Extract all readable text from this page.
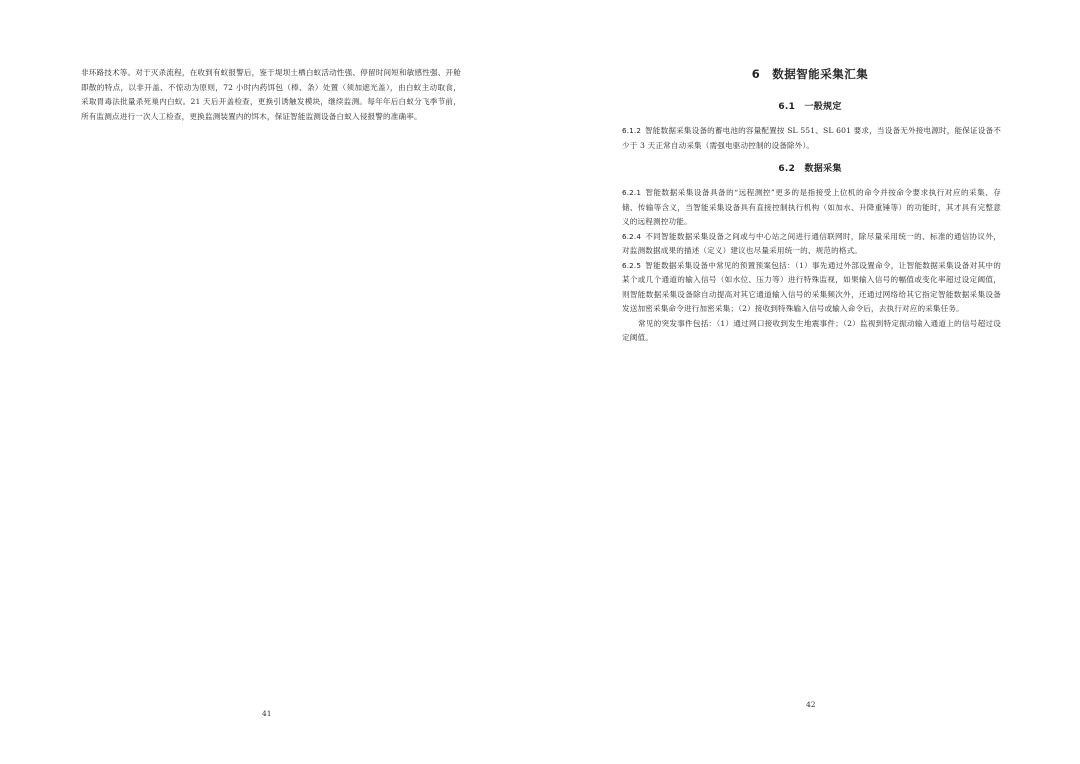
非环路技术等。对于灭杀流程，在收到有蚁报警后，鉴于堤坝土栖白蚁活动性强、停留时间短和敏感性强、开舱即散的特点，以非开盖、不惊动为原则，72 小时内药饵包（棒、条）处置（须加遮光盖），由白蚁主动取食，采取胃毒法批量杀死巢内白蚁。21 天后开盖检查，更换引诱触发模块，继续监测。每年年后白蚁分飞季节前，所有监测点进行一次人工检查，更换监测装置内的饵木，保证智能监测设备白蚁入侵报警的准确率。

41

6　数据智能采集汇集
6.1　一般规定

6.1.2 智能数据采集设备的蓄电池的容量配置按 SL 551、SL 601 要求，当设备无外接电源时，能保证设备不少于 3 天正常自动采集（需强电驱动控制的设备除外）。

6.2　数据采集

6.2.1 智能数据采集设备具备的“远程测控”更多的是指接受上位机的命令并按命令要求执行对应的采集、存储、传输等含义，当智能采集设备具有直接控制执行机构（如加水、升降重锤等）的功能时，其才具有完整意义的远程测控功能。

6.2.4 不同智能数据采集设备之间或与中心站之间进行通信联网时，除尽量采用统一的、标准的通信协议外，对监测数据成果的描述（定义）建议也尽量采用统一的、规范的格式。

6.2.5 智能数据采集设备中常见的预置预案包括：（1）事先通过外部设置命令，让智能数据采集设备对其中的某个或几个通道的输入信号（如水位、压力等）进行特殊监视，如果输入信号的幅值或变化率超过设定阈值，则智能数据采集设备除自动提高对其它通道输入信号的采集频次外，还通过网络给其它指定智能数据采集设备发送加密采集命令进行加密采集；（2）接收到特殊输入信号或输入命令后，去执行对应的采集任务。

常见的突发事件包括：（1）通过网口接收到发生地震事件；（2）监视到特定振动输入通道上的信号超过设定阈值。

42
